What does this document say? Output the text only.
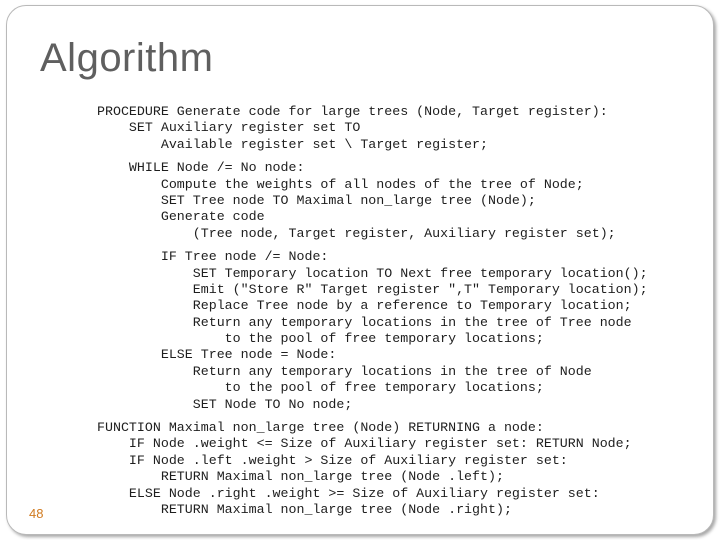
Algorithm
PROCEDURE Generate code for large trees (Node, Target register):
SET Auxiliary register set TO
Available register set \ Target register;
WHILE Node /= No node:
Compute the weights of all nodes of the tree of Node;
SET Tree node TO Maximal non_large tree (Node);
Generate code
(Tree node, Target register, Auxiliary register set);
IF Tree node /= Node:
SET Temporary location TO Next free temporary location();
Emit ("Store R" Target register ",T" Temporary location);
Replace Tree node by a reference to Temporary location;
Return any temporary locations in the tree of Tree node
to the pool of free temporary locations;
ELSE Tree node = Node:
Return any temporary locations in the tree of Node
to the pool of free temporary locations;
SET Node TO No node;
FUNCTION Maximal non_large tree (Node) RETURNING a node:
IF Node .weight <= Size of Auxiliary register set: RETURN Node;
IF Node .left .weight > Size of Auxiliary register set:
RETURN Maximal non_large tree (Node .left);
ELSE Node .right .weight >= Size of Auxiliary register set:
RETURN Maximal non_large tree (Node .right);
48
